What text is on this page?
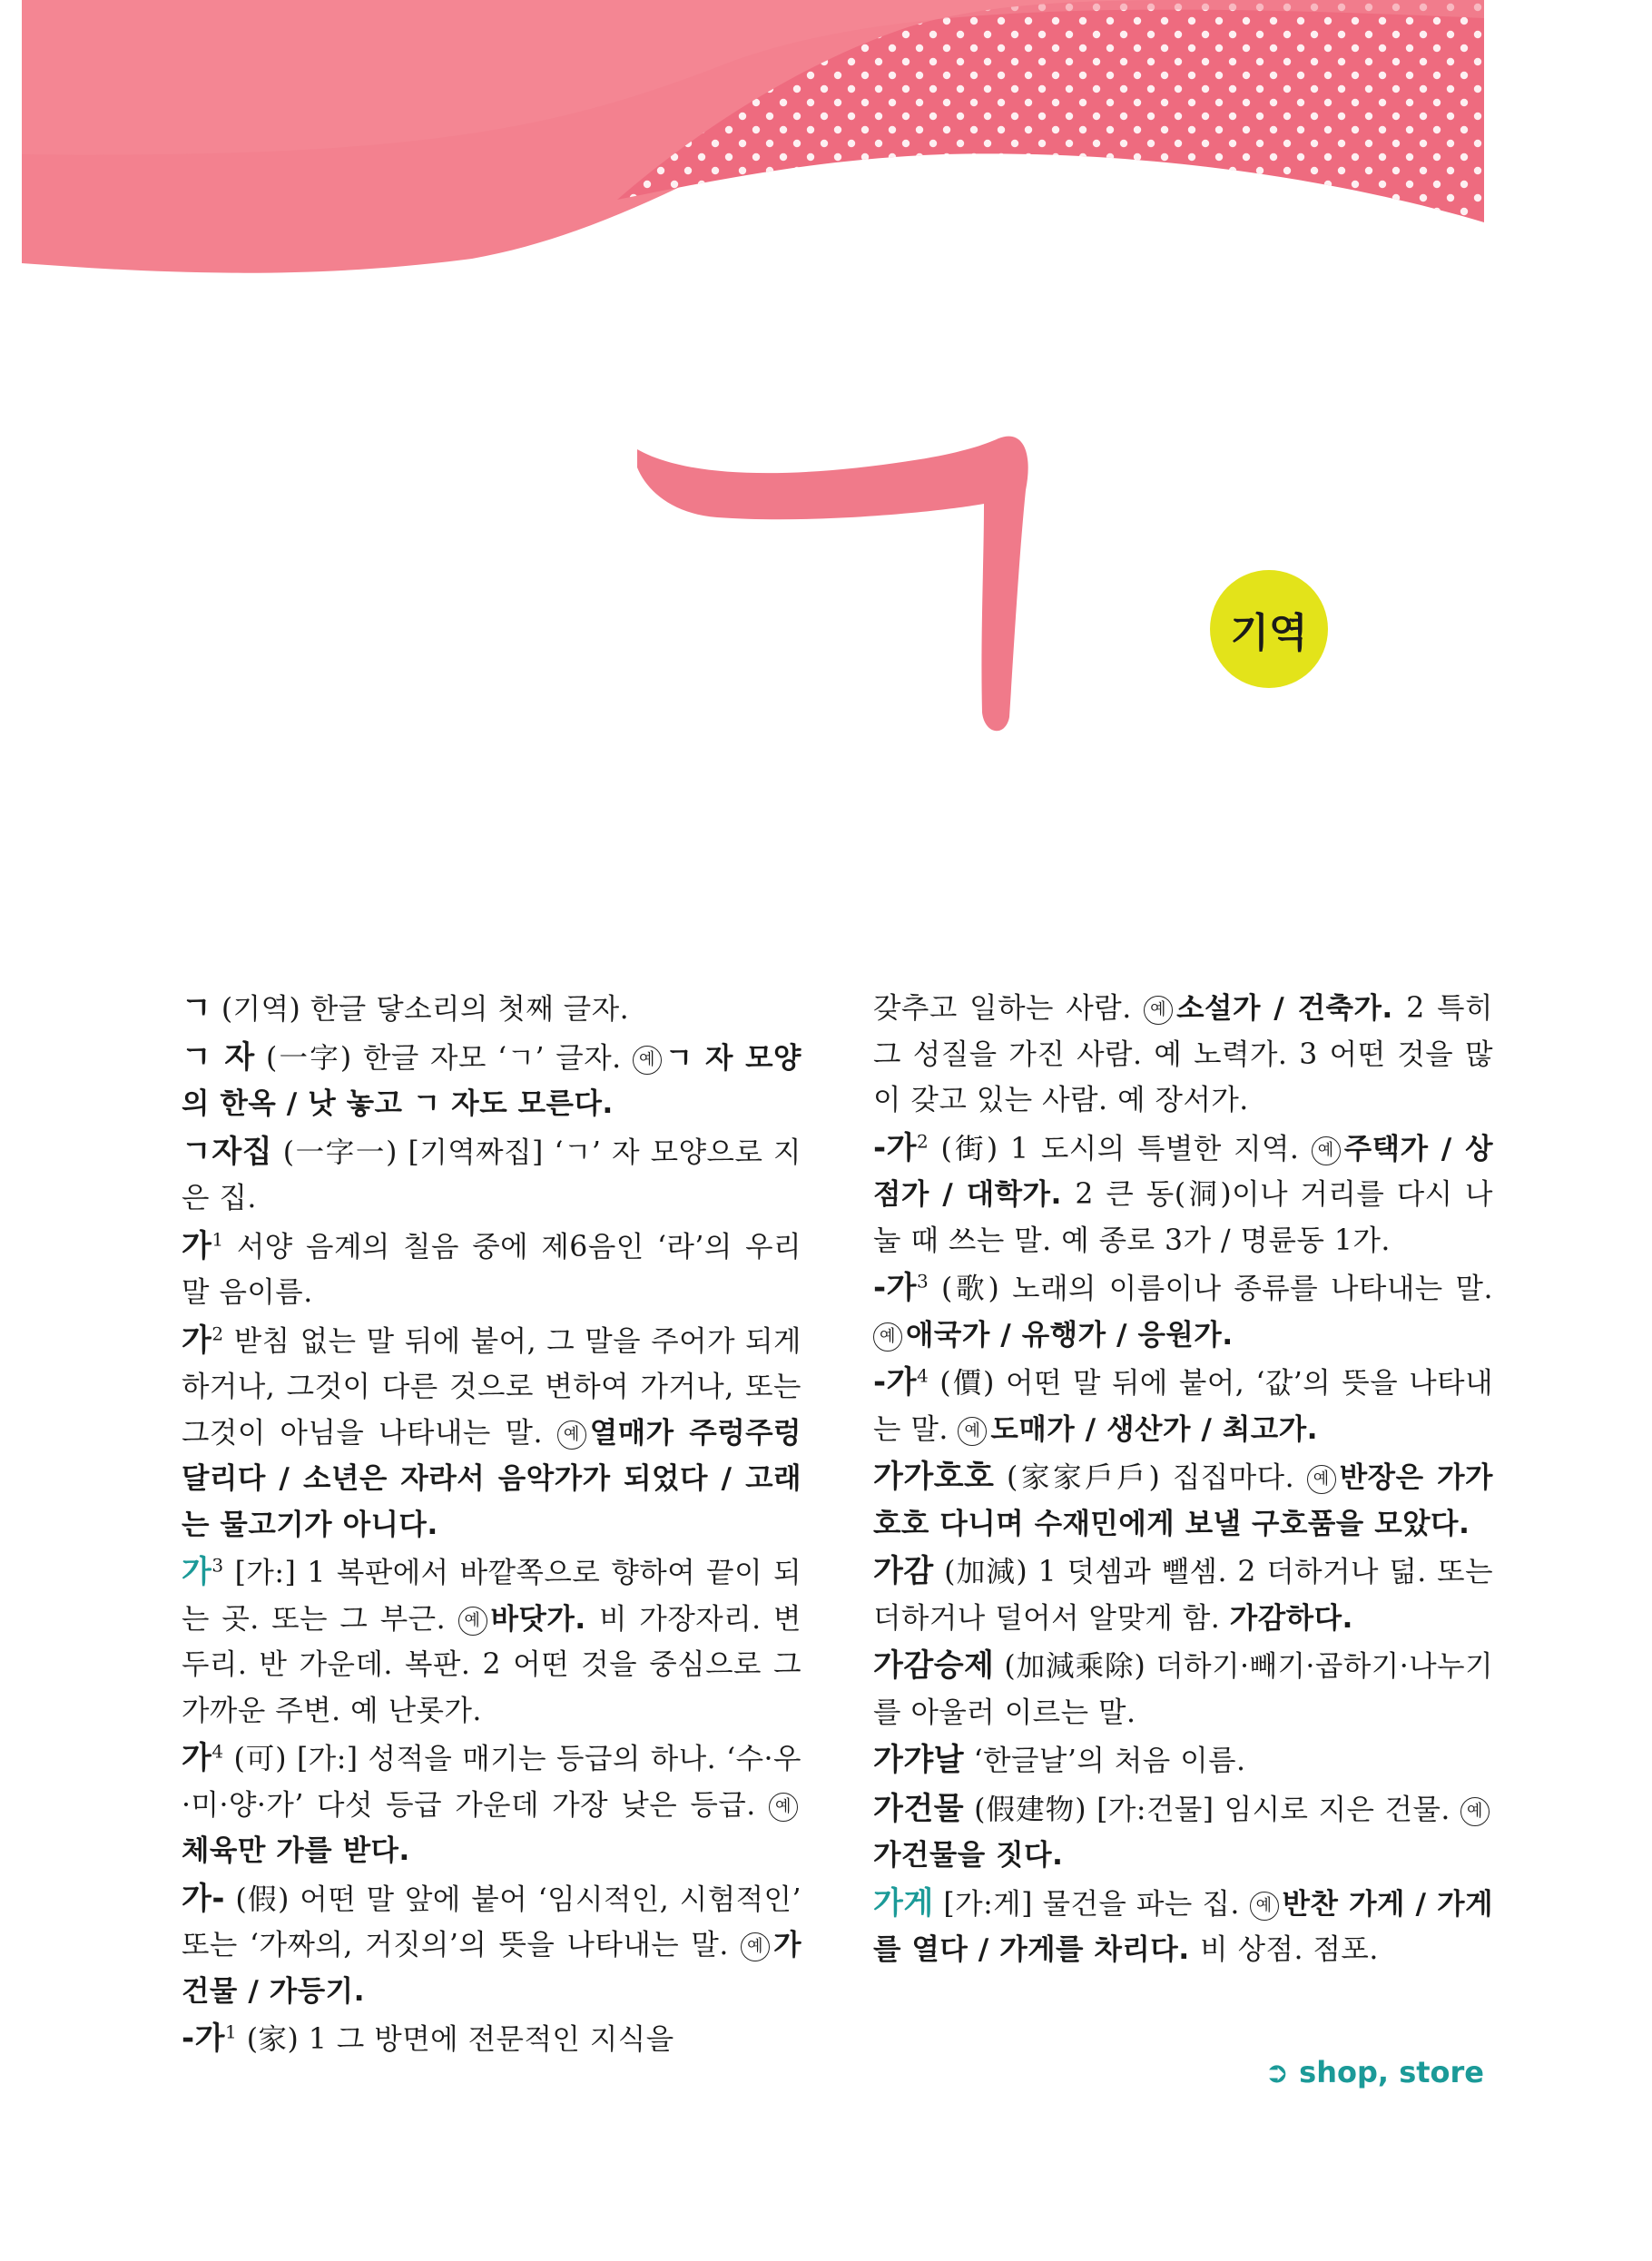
기역
ㄱ (기역) 한글 닿소리의 첫째 글자.
ㄱ 자 (一字) 한글 자모 ‘ㄱ’ 글자. 예 ㄱ 자 모양의 한옥 / 낫 놓고 ㄱ 자도 모른다.
ㄱ자집 (一字一) [기역짜집] ‘ㄱ’ 자 모양으로 지은 집.
가$^1$ 서양 음계의 칠음 중에 제6음인 ‘라’의 우리말 음이름.
가$^2$ 받침 없는 말 뒤에 붙어, 그 말을 주어가 되게 하거나, 그것이 다른 것으로 변하여 가거나, 또는 그것이 아님을 나타내는 말. 예 열매가 주렁주렁 달리다 / 소년은 자라서 음악가가 되었다 / 고래는 물고기가 아니다.
가$^3$ [가:] 1 복판에서 바깥쪽으로 향하여 끝이 되는 곳. 또는 그 부근. 예 바닷가. 비 가장자리. 변두리. 반 가운데. 복판. 2 어떤 것을 중심으로 그 가까운 주변. 예 난롯가.
가$^4$ (可) [가:] 성적을 매기는 등급의 하나. ‘수·우·미·양·가’ 다섯 등급 가운데 가장 낮은 등급. 예체육만 가를 받다.
가- (假) 어떤 말 앞에 붙어 ‘임시적인, 시험적인’ 또는 ‘가짜의, 거짓의’의 뜻을 나타내는 말. 예 가건물 / 가등기.
-가$^1$ (家) 1 그 방면에 전문적인 지식을
갖추고 일하는 사람. 예 소설가 / 건축가. 2 특히 그 성질을 가진 사람. 예 노력가. 3 어떤 것을 많이 갖고 있는 사람. 예 장서가.
-가$^2$ (街) 1 도시의 특별한 지역. 예 주택가 / 상점가 / 대학가. 2 큰 동(洞)이나 거리를 다시 나눌 때 쓰는 말. 예 종로 3가 / 명륜동 1가.
-가$^3$ (歌) 노래의 이름이나 종류를 나타내는 말. 예 애국가 / 유행가 / 응원가.
-가$^4$ (價) 어떤 말 뒤에 붙어, ‘값’의 뜻을 나타내는 말. 예 도매가 / 생산가 / 최고가.
가가호호 (家家戶戶) 집집마다. 예 반장은 가가호호 다니며 수재민에게 보낼 구호품을 모았다.
가감 (加減) 1 덧셈과 뺄셈. 2 더하거나 덞. 또는 더하거나 덜어서 알맞게 함. 가감하다.
가감승제 (加減乘除) 더하기·빼기·곱하기·나누기를 아울러 이르는 말.
가갸날 ‘한글날’의 처음 이름.
가건물 (假建物) [가:건물] 임시로 지은 건물. 예가건물을 짓다.
가게 [가:게] 물건을 파는 집. 예 반찬 가게 / 가게를 열다 / 가게를 차리다. 비 상점. 점포.
➲ shop, store
